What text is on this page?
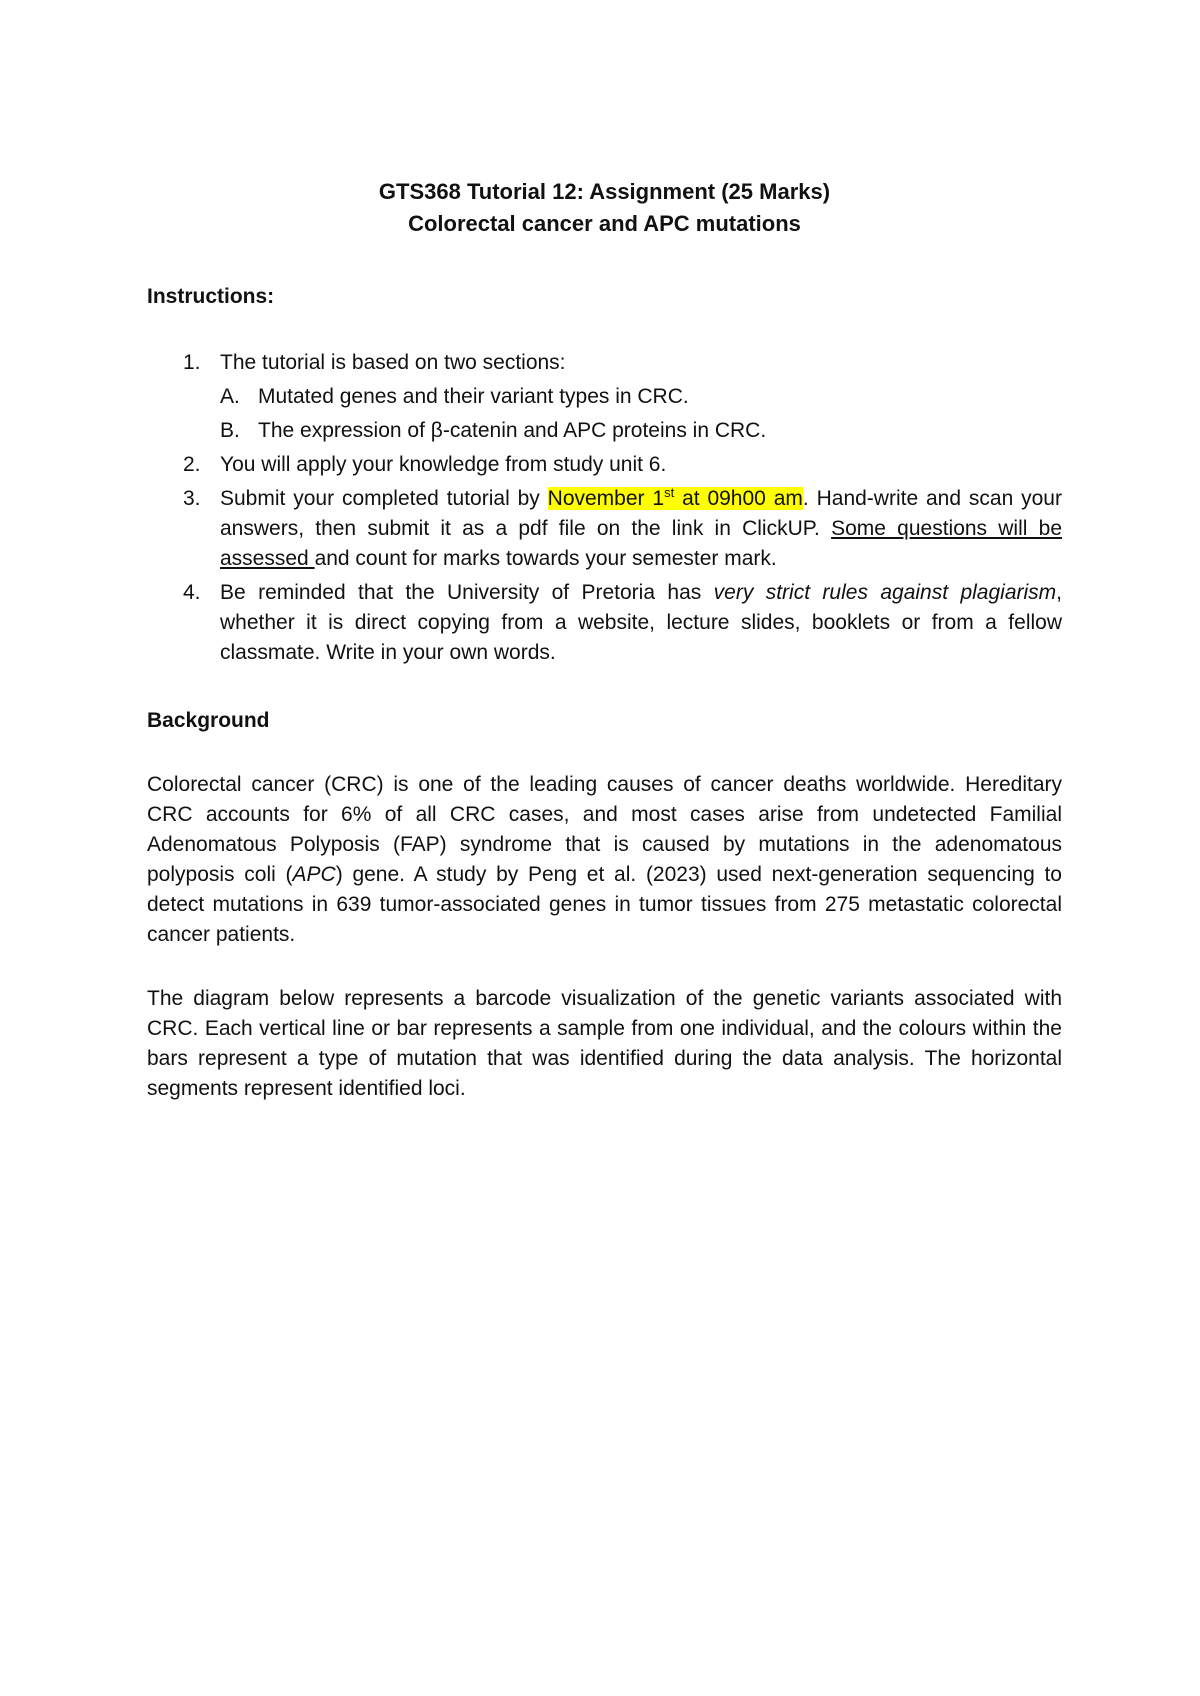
GTS368 Tutorial 12: Assignment (25 Marks)
Colorectal cancer and APC mutations

Instructions:

1. The tutorial is based on two sections:
A. Mutated genes and their variant types in CRC.
B. The expression of β-catenin and APC proteins in CRC.
2. You will apply your knowledge from study unit 6.
3. Submit your completed tutorial by November 1st at 09h00 am. Hand-write and scan your answers, then submit it as a pdf file on the link in ClickUP. Some questions will be assessed and count for marks towards your semester mark.
4. Be reminded that the University of Pretoria has very strict rules against plagiarism, whether it is direct copying from a website, lecture slides, booklets or from a fellow classmate. Write in your own words.

Background

Colorectal cancer (CRC) is one of the leading causes of cancer deaths worldwide. Hereditary CRC accounts for 6% of all CRC cases, and most cases arise from undetected Familial Adenomatous Polyposis (FAP) syndrome that is caused by mutations in the adenomatous polyposis coli (APC) gene. A study by Peng et al. (2023) used next-generation sequencing to detect mutations in 639 tumor-associated genes in tumor tissues from 275 metastatic colorectal cancer patients.

The diagram below represents a barcode visualization of the genetic variants associated with CRC. Each vertical line or bar represents a sample from one individual, and the colours within the bars represent a type of mutation that was identified during the data analysis. The horizontal segments represent identified loci.
